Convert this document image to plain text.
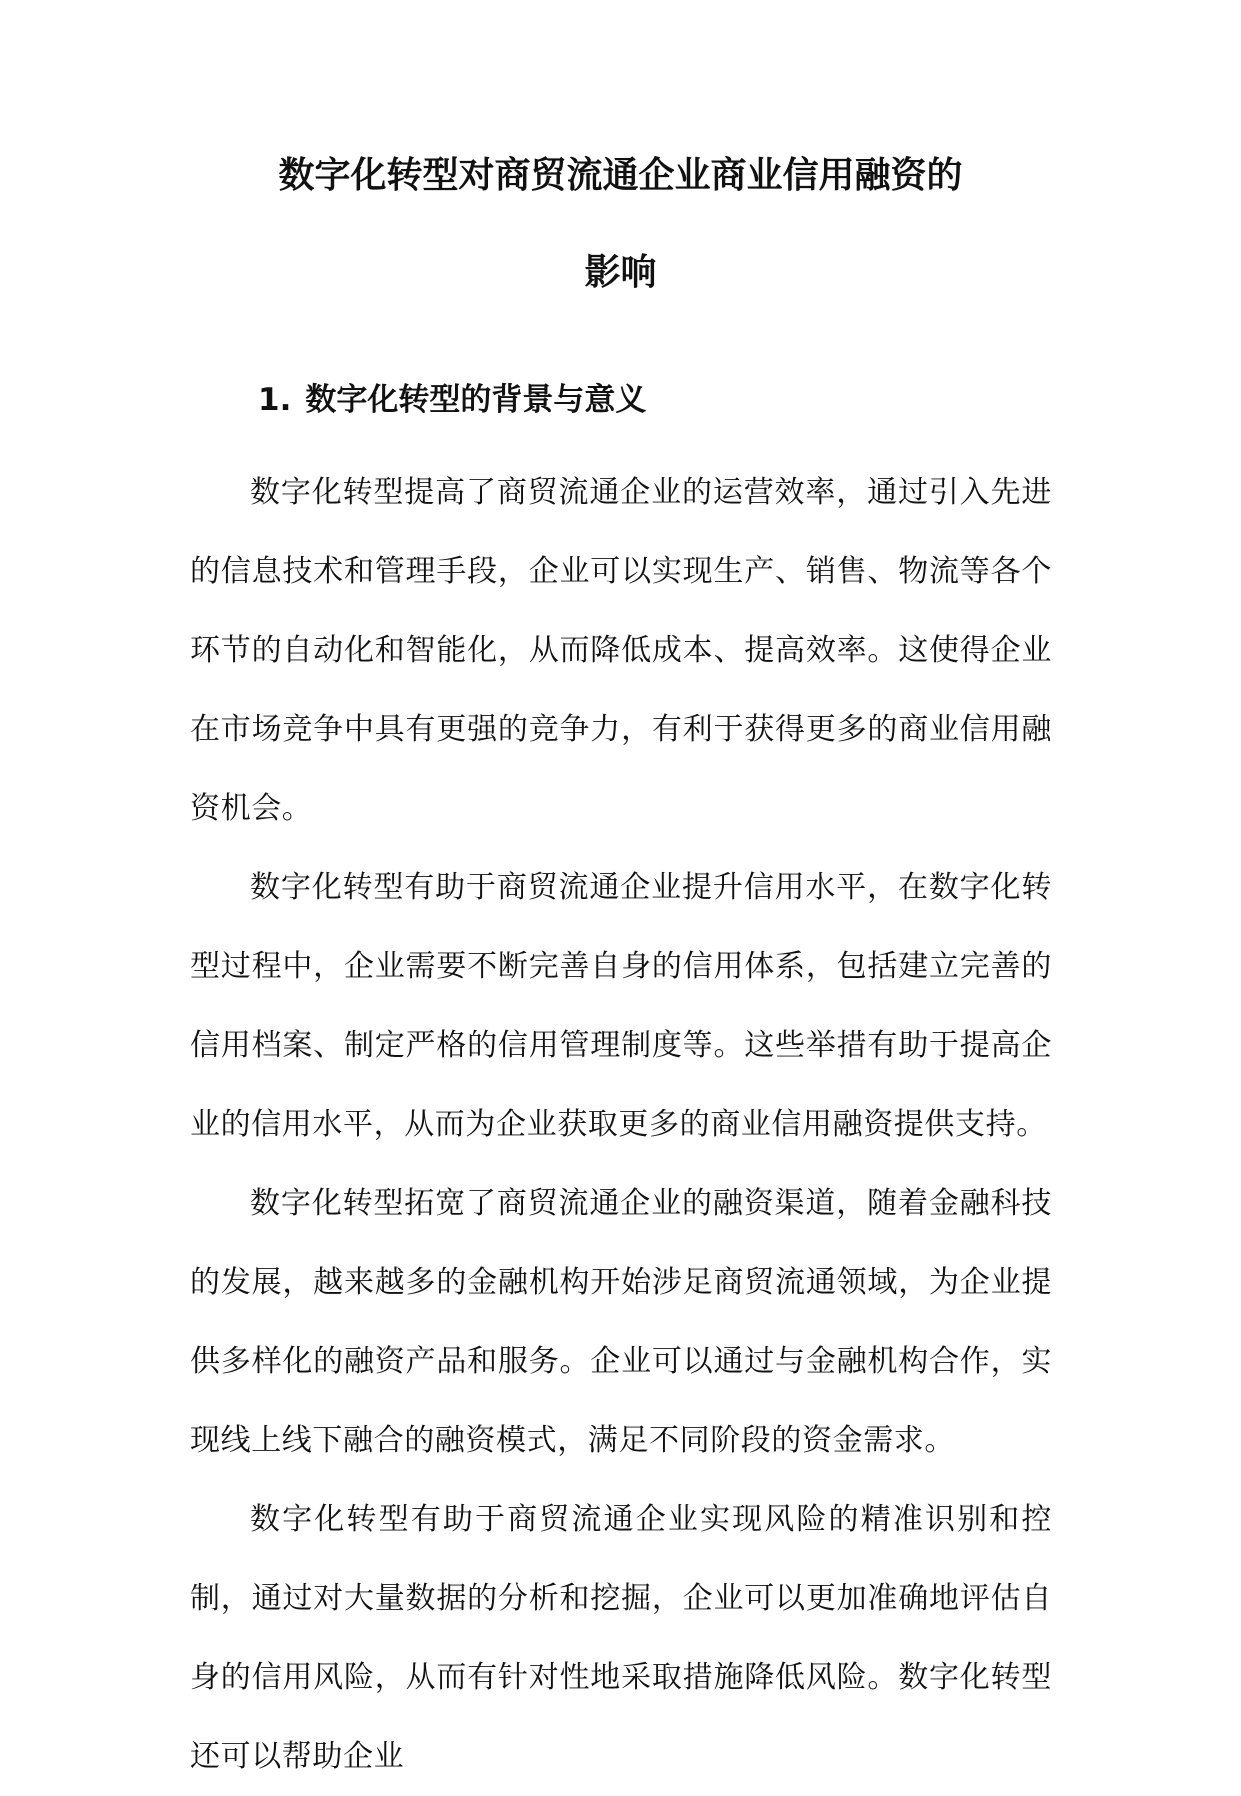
数字化转型对商贸流通企业商业信用融资的
影响
1. 数字化转型的背景与意义

数字化转型提高了商贸流通企业的运营效率，通过引入先进的信息技术和管理手段，企业可以实现生产、销售、物流等各个环节的自动化和智能化，从而降低成本、提高效率。这使得企业在市场竞争中具有更强的竞争力，有利于获得更多的商业信用融资机会。

数字化转型有助于商贸流通企业提升信用水平，在数字化转型过程中，企业需要不断完善自身的信用体系，包括建立完善的信用档案、制定严格的信用管理制度等。这些举措有助于提高企业的信用水平，从而为企业获取更多的商业信用融资提供支持。

数字化转型拓宽了商贸流通企业的融资渠道，随着金融科技的发展，越来越多的金融机构开始涉足商贸流通领域，为企业提供多样化的融资产品和服务。企业可以通过与金融机构合作，实现线上线下融合的融资模式，满足不同阶段的资金需求。

数字化转型有助于商贸流通企业实现风险的精准识别和控制，通过对大量数据的分析和挖掘，企业可以更加准确地评估自身的信用风险，从而有针对性地采取措施降低风险。数字化转型还可以帮助企业
